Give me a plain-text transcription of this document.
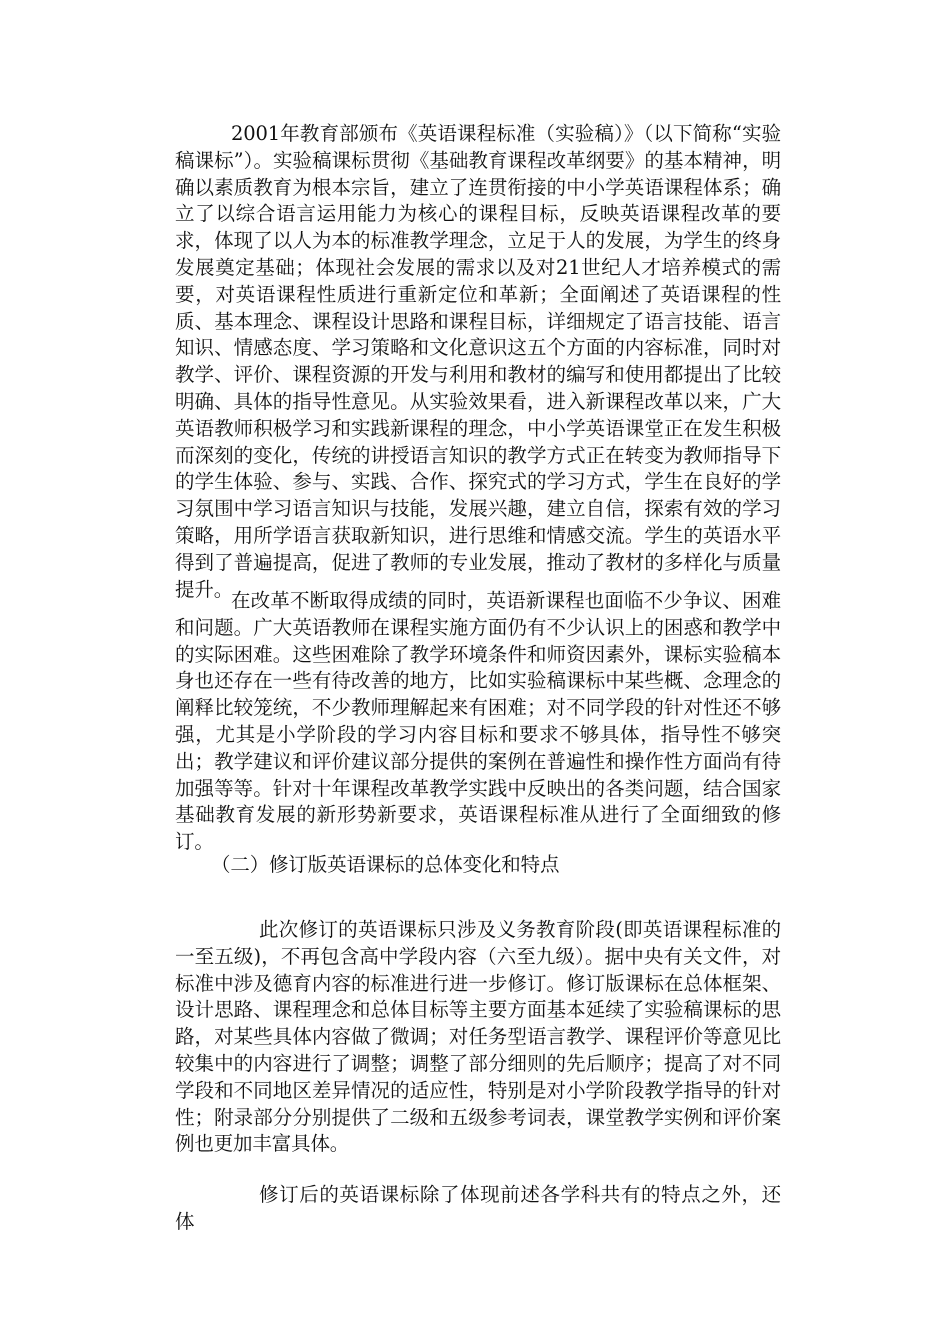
2001年教育部颁布《英语课程标准（实验稿）》（以下简称“实验稿课标”）。实验稿课标贯彻《基础教育课程改革纲要》的基本精神，明确以素质教育为根本宗旨，建立了连贯衔接的中小学英语课程体系；确立了以综合语言运用能力为核心的课程目标，反映英语课程改革的要求，体现了以人为本的标准教学理念，立足于人的发展，为学生的终身发展奠定基础；体现社会发展的需求以及对21世纪人才培养模式的需要，对英语课程性质进行重新定位和革新；全面阐述了英语课程的性质、基本理念、课程设计思路和课程目标，详细规定了语言技能、语言知识、情感态度、学习策略和文化意识这五个方面的内容标准，同时对教学、评价、课程资源的开发与利用和教材的编写和使用都提出了比较明确、具体的指导性意见。从实验效果看，进入新课程改革以来，广大英语教师积极学习和实践新课程的理念，中小学英语课堂正在发生积极而深刻的变化，传统的讲授语言知识的教学方式正在转变为教师指导下的学生体验、参与、实践、合作、探究式的学习方式，学生在良好的学习氛围中学习语言知识与技能，发展兴趣，建立自信，探索有效的学习策略，用所学语言获取新知识，进行思维和情感交流。学生的英语水平得到了普遍提高，促进了教师的专业发展，推动了教材的多样化与质量提升。

在改革不断取得成绩的同时，英语新课程也面临不少争议、困难和问题。广大英语教师在课程实施方面仍有不少认识上的困惑和教学中的实际困难。这些困难除了教学环境条件和师资因素外，课标实验稿本身也还存在一些有待改善的地方，比如实验稿课标中某些概、念理念的阐释比较笼统，不少教师理解起来有困难；对不同学段的针对性还不够强，尤其是小学阶段的学习内容目标和要求不够具体，指导性不够突出；教学建议和评价建议部分提供的案例在普遍性和操作性方面尚有待加强等等。针对十年课程改革教学实践中反映出的各类问题，结合国家基础教育发展的新形势新要求，英语课程标准从进行了全面细致的修订。

（二）修订版英语课标的总体变化和特点

此次修订的英语课标只涉及义务教育阶段(即英语课程标准的一至五级)，不再包含高中学段内容（六至九级）。据中央有关文件，对标准中涉及德育内容的标准进行进一步修订。修订版课标在总体框架、设计思路、课程理念和总体目标等主要方面基本延续了实验稿课标的思路，对某些具体内容做了微调；对任务型语言教学、课程评价等意见比较集中的内容进行了调整；调整了部分细则的先后顺序；提高了对不同学段和不同地区差异情况的适应性，特别是对小学阶段教学指导的针对性；附录部分分别提供了二级和五级参考词表，课堂教学实例和评价案例也更加丰富具体。

修订后的英语课标除了体现前述各学科共有的特点之外，还体
